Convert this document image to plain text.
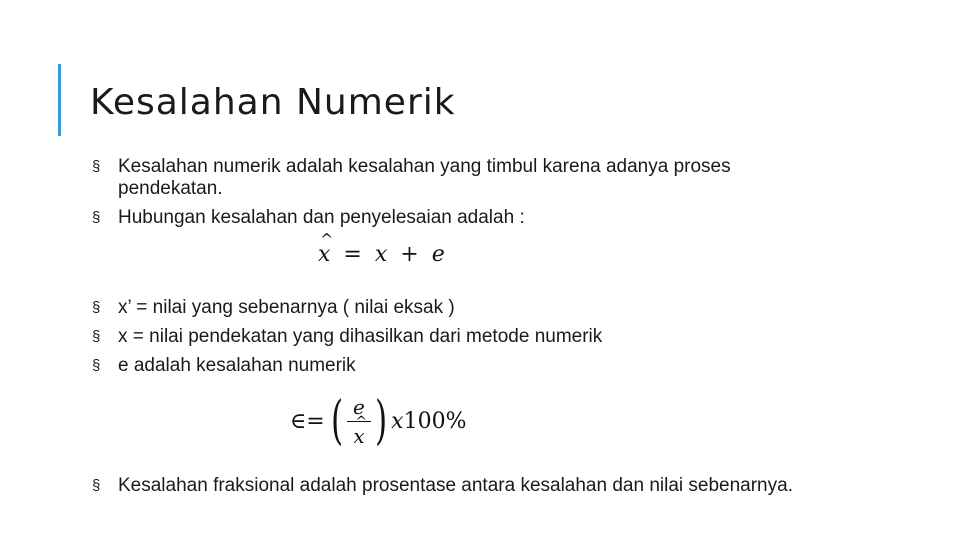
Kesalahan Numerik
§ Kesalahan numerik adalah kesalahan yang timbul karena adanya proses pendekatan.
§ Hubungan kesalahan dan penyelesaian adalah :
^ x = x + e
§ x’ = nilai yang sebenarnya ( nilai eksak )
§ x = nilai pendekatan yang dihasilkan dari metode numerik
§ e adalah kesalahan numerik
∈ = ( e
^ x ) x 100%
§ Kesalahan fraksional adalah prosentase antara kesalahan dan nilai sebenarnya.
